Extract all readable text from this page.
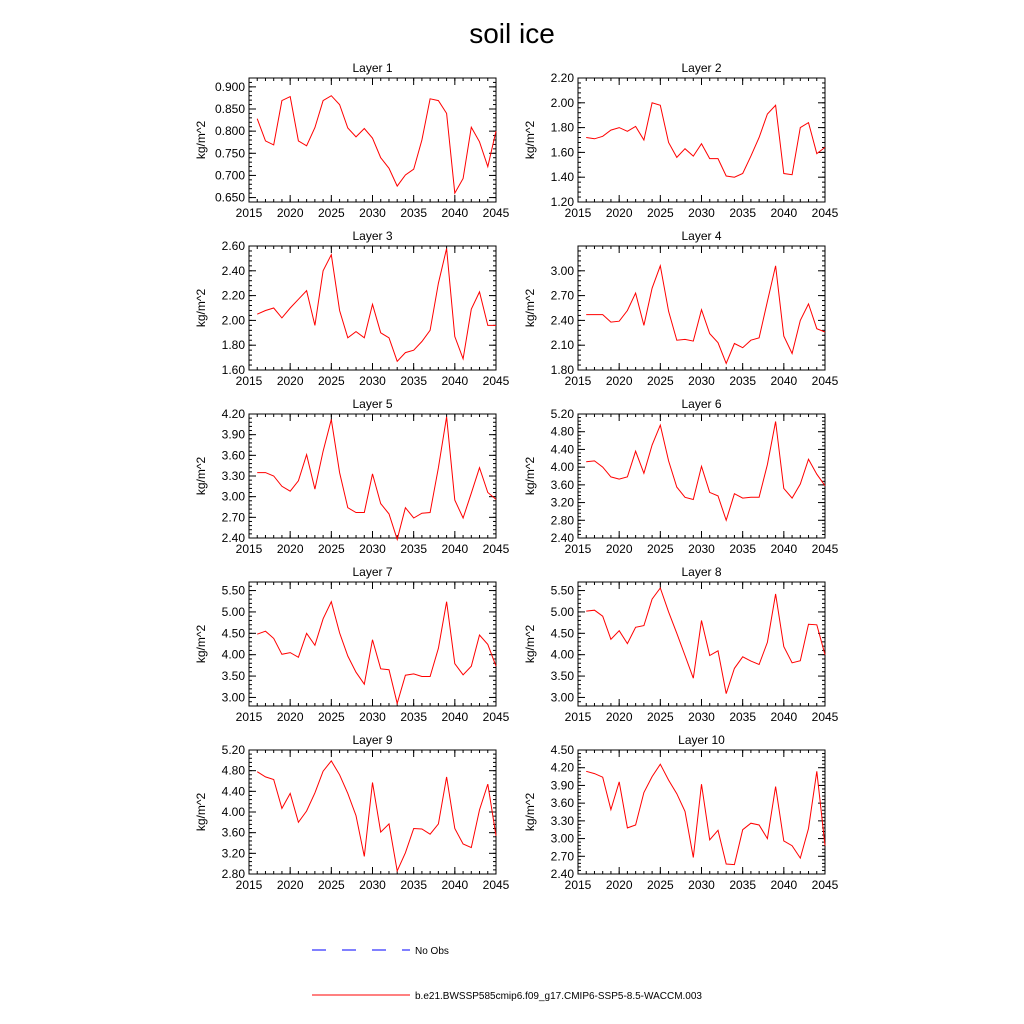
soil ice
Layer 1
kg/m^2
2015 2020 2025 2030 2035 2040 2045
0.650
0.700
0.750
0.800
0.850
0.900
Layer 2
kg/m^2
2015 2020 2025 2030 2035 2040 2045
1.20
1.40
1.60
1.80
2.00
2.20
Layer 3
kg/m^2
2015 2020 2025 2030 2035 2040 2045
1.60
1.80
2.00
2.20
2.40
2.60
Layer 4
kg/m^2
2015 2020 2025 2030 2035 2040 2045
1.80
2.10
2.40
2.70
3.00
Layer 5
kg/m^2
2015 2020 2025 2030 2035 2040 2045
2.40
2.70
3.00
3.30
3.60
3.90
4.20
Layer 6
kg/m^2
2015 2020 2025 2030 2035 2040 2045
2.40
2.80
3.20
3.60
4.00
4.40
4.80
5.20
Layer 7
kg/m^2
2015 2020 2025 2030 2035 2040 2045
3.00
3.50
4.00
4.50
5.00
5.50
Layer 8
kg/m^2
2015 2020 2025 2030 2035 2040 2045
3.00
3.50
4.00
4.50
5.00
5.50
Layer 9
kg/m^2
2015 2020 2025 2030 2035 2040 2045
2.80
3.20
3.60
4.00
4.40
4.80
5.20
Layer 10
kg/m^2
2015 2020 2025 2030 2035 2040 2045
2.40
2.70
3.00
3.30
3.60
3.90
4.20
4.50
No Obs
b.e21.BWSSP585cmip6.f09_g17.CMIP6-SSP5-8.5-WACCM.003
